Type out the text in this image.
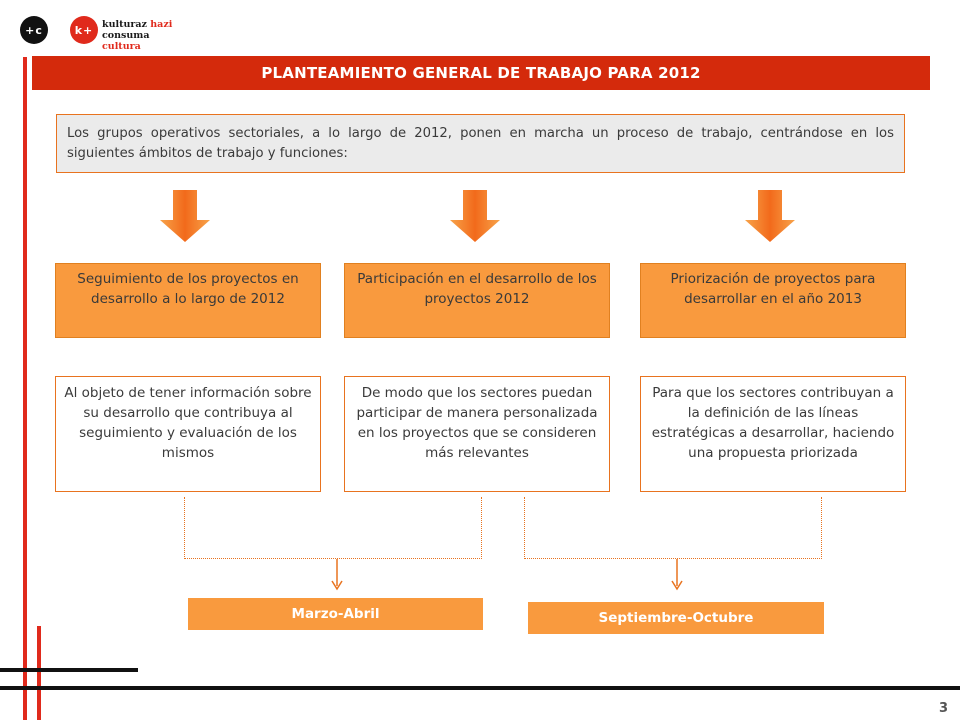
+c	k+ kulturaz hazi
consuma cultura
PLANTEAMIENTO GENERAL DE TRABAJO PARA 2012
Los grupos operativos sectoriales, a lo largo de 2012, ponen en marcha un proceso de trabajo, centrándose en los siguientes ámbitos de trabajo y funciones:
Seguimiento de los proyectos en desarrollo a lo largo de 2012
Participación en el desarrollo de los proyectos 2012
Priorización de proyectos para desarrollar en el año 2013
Al objeto de tener información sobre su desarrollo que contribuya al seguimiento y evaluación de los mismos
De modo que los sectores puedan participar de manera personalizada en los proyectos que se consideren más relevantes
Para que los sectores contribuyan a la definición de las líneas estratégicas a desarrollar, haciendo una propuesta priorizada
Marzo-Abril	Septiembre-Octubre
3
